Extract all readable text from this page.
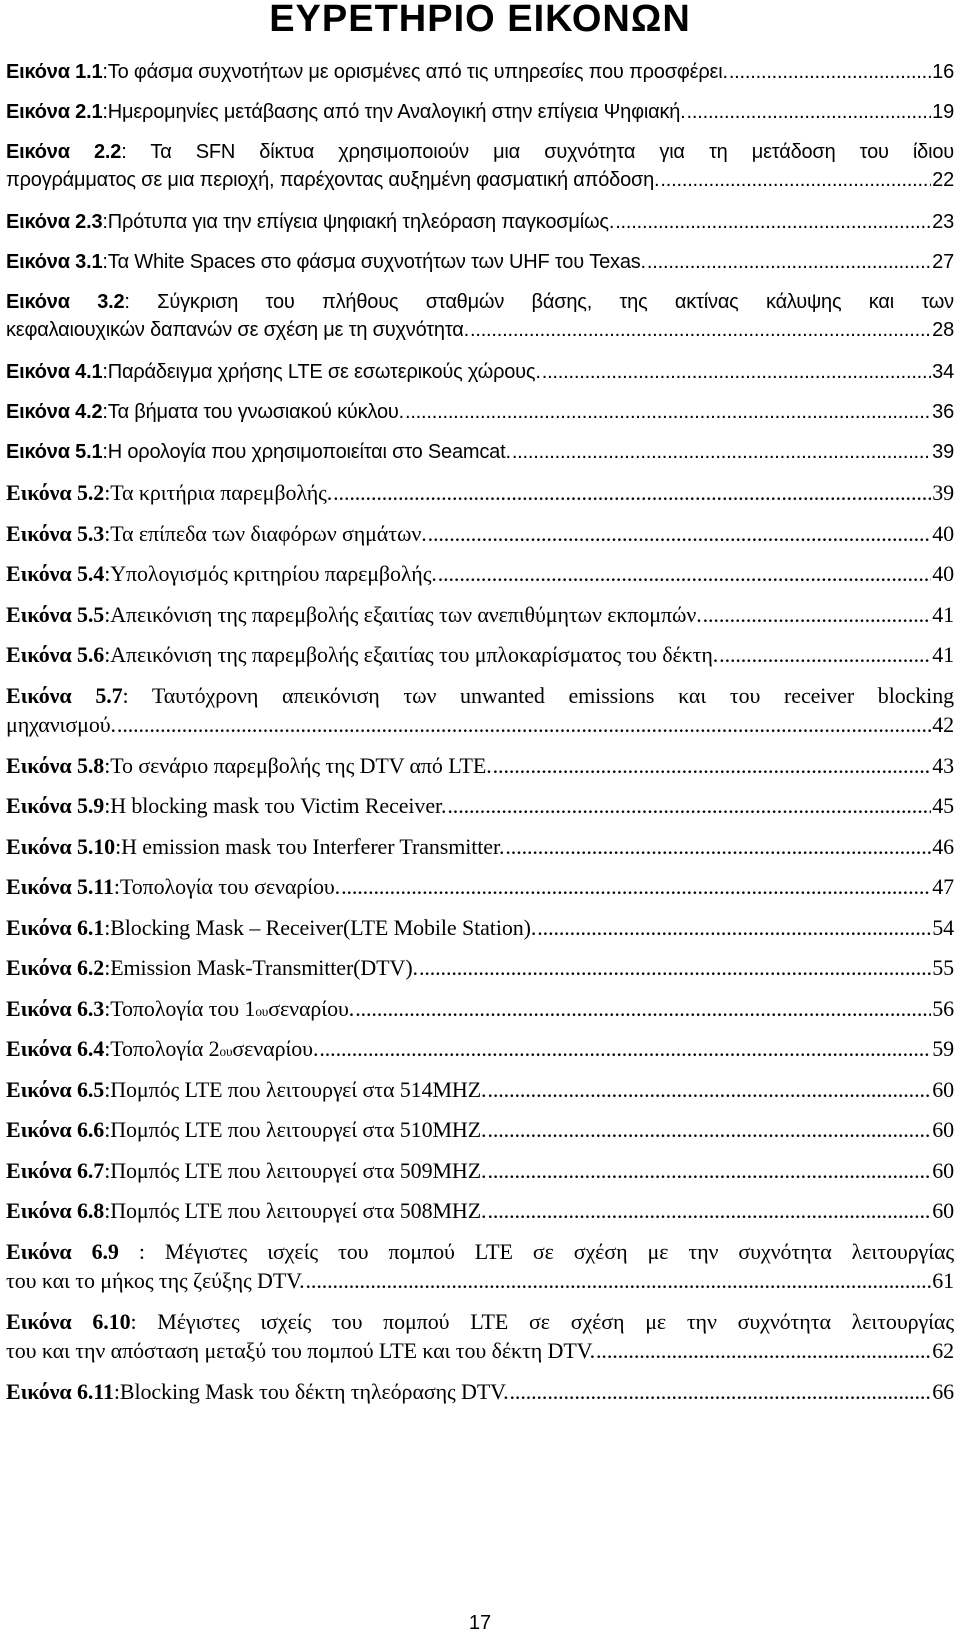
ΕΥΡΕΤΗΡΙΟ ΕΙΚΟΝΩΝ
Εικόνα 1.1 : Το φάσμα συχνοτήτων με ορισμένες από τις υπηρεσίες που προσφέρει. .....	16
Εικόνα 2.1 : Ημερομηνίες μετάβασης από την Αναλογική στην επίγεια Ψηφιακή. .....	19
Εικόνα 2.2: Τα SFN δίκτυα χρησιμοποιούν μια συχνότητα για τη μετάδοση του ίδιου
προγράμματος σε μια περιοχή, παρέχοντας αυξημένη φασματική απόδοση. .....	22
Εικόνα 2.3 : Πρότυπα για την επίγεια ψηφιακή τηλεόραση παγκοσμίως. .....	23
Εικόνα 3.1 : Τα White Spaces στο φάσμα συχνοτήτων των UHF του Texas. .....	27
Εικόνα 3.2: Σύγκριση του πλήθους σταθμών βάσης, της ακτίνας κάλυψης και των
κεφαλαιουχικών δαπανών σε σχέση με τη συχνότητα. .....	28
Εικόνα 4.1 : Παράδειγμα χρήσης LTE σε εσωτερικούς χώρους. .....	34
Εικόνα 4.2 : Τα βήματα του γνωσιακού κύκλου. .....	36
Εικόνα 5.1 : Η ορολογία που χρησιμοποιείται στο Seamcat. .....	39
Εικόνα 5.2 : Τα κριτήρια παρεμβολής. .....	39
Εικόνα 5.3 : Τα επίπεδα των διαφόρων σημάτων. .....	40
Εικόνα 5.4 : Υπολογισμός κριτηρίου παρεμβολής. .....	40
Εικόνα 5.5 : Απεικόνιση της παρεμβολής εξαιτίας των ανεπιθύμητων εκπομπών. .....	41
Εικόνα 5.6 : Απεικόνιση της παρεμβολής εξαιτίας του μπλοκαρίσματος του δέκτη. .....	41
Εικόνα 5.7: Ταυτόχρονη απεικόνιση των unwanted emissions και του receiver blocking
μηχανισμού. .....	42
Εικόνα 5.8 : Το σενάριο παρεμβολής της DTV από LTE. .....	43
Εικόνα 5.9 : Η blocking mask του Victim Receiver. .....	45
Εικόνα 5.10 : Η emission mask του Interferer Transmitter. .....	46
Εικόνα 5.11 : Τοπολογία του σεναρίου. .....	47
Εικόνα 6.1 : Blocking Mask – Receiver(LTE Mobile Station). .....	54
Εικόνα 6.2 : Emission Mask-Transmitter(DTV). .....	55
Εικόνα 6.3 : Τοπολογία του 1 ου σεναρίου. .....	56
Εικόνα 6.4 : Τοπολογία 2 ου σεναρίου. .....	59
Εικόνα 6.5 : Πομπός LTE που λειτουργεί στα 514MHZ. .....	60
Εικόνα 6.6 : Πομπός LTE που λειτουργεί στα 510MHZ. .....	60
Εικόνα 6.7 : Πομπός LTE που λειτουργεί στα 509MHZ. .....	60
Εικόνα 6.8 : Πομπός LTE που λειτουργεί στα 508MHZ. .....	60
Εικόνα 6.9 : Μέγιστες ισχείς του πομπού LTE σε σχέση με την συχνότητα λειτουργίας
του και το μήκος της ζεύξης DTV. .....	61
Εικόνα 6.10: Μέγιστες ισχείς του πομπού LTE σε σχέση με την συχνότητα λειτουργίας
του και την απόσταση μεταξύ του πομπού LTE και του δέκτη DTV. .....	62
Εικόνα 6.11 : Blocking Mask του δέκτη τηλεόρασης DTV. .....	66
17
